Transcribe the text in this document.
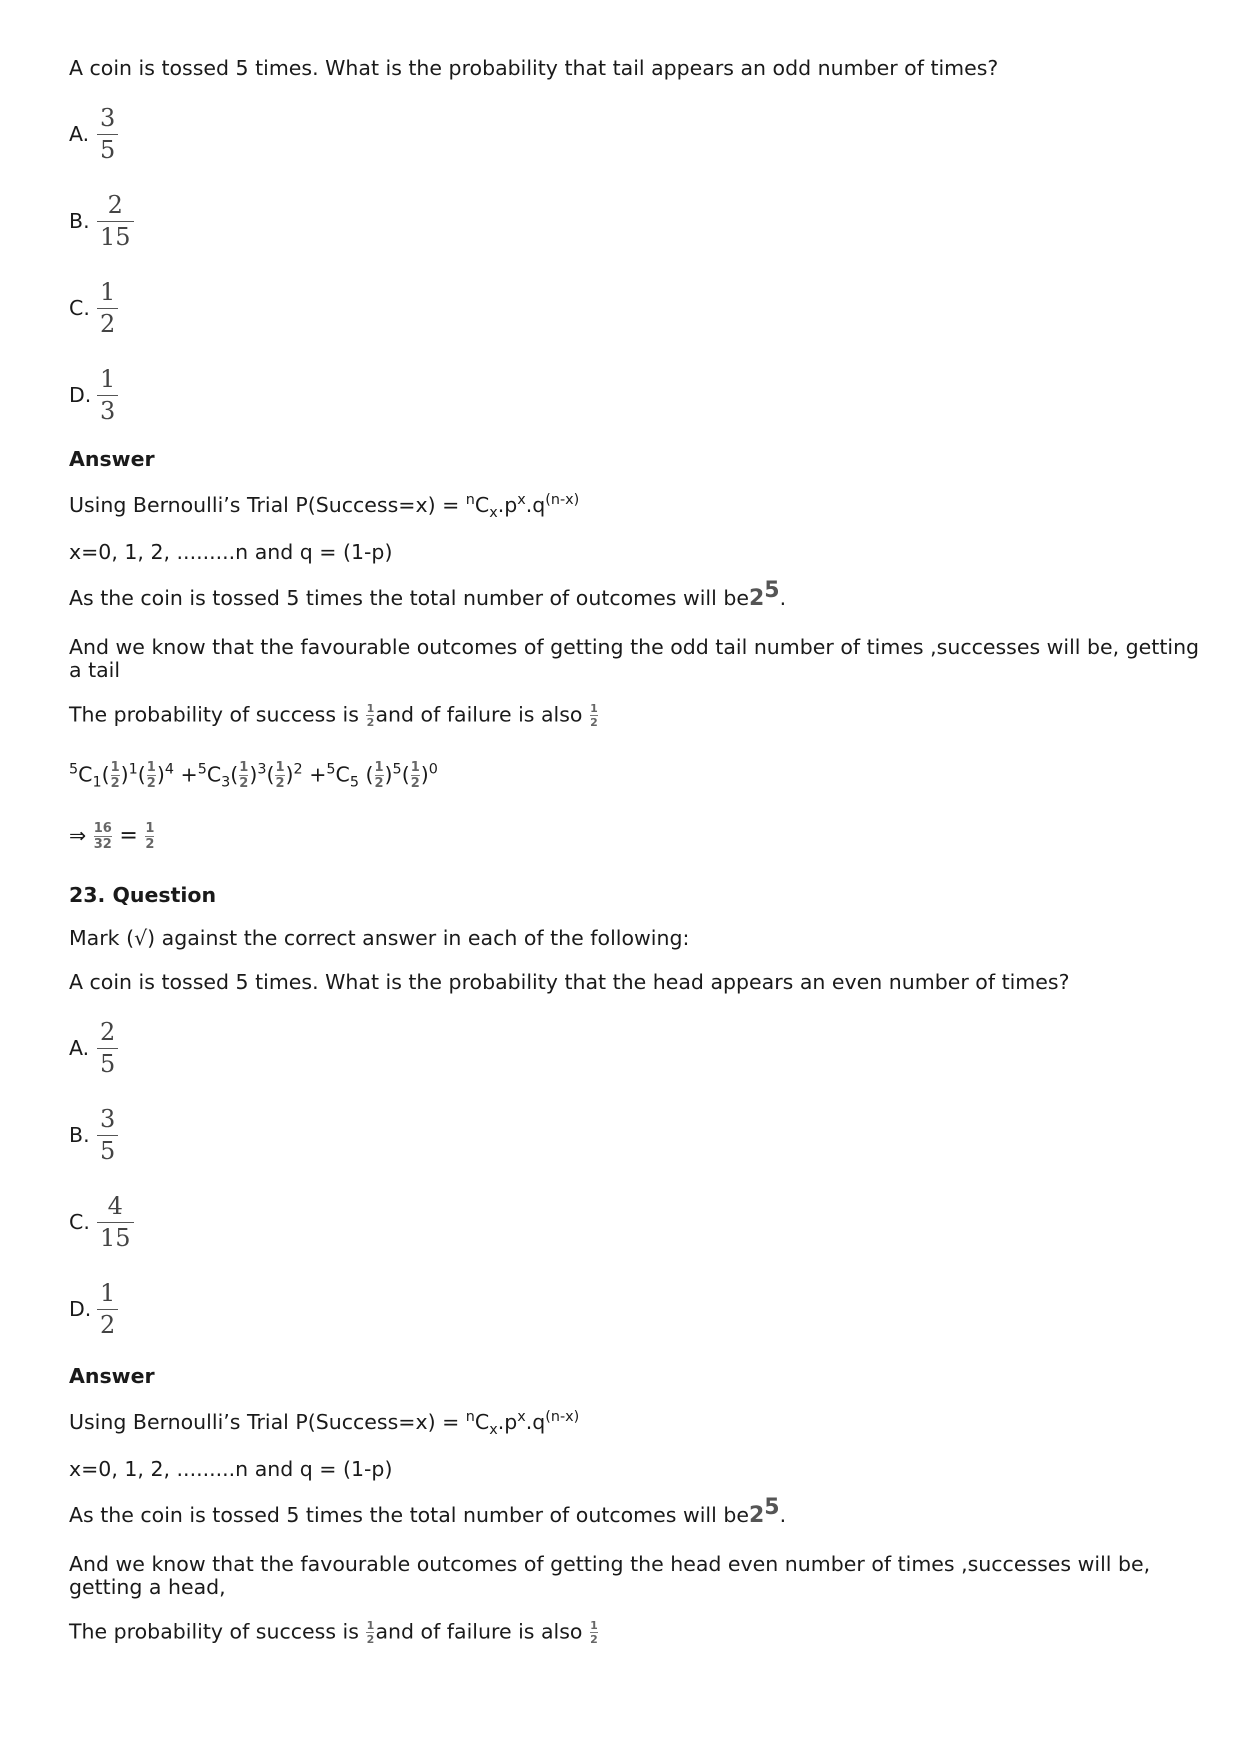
A coin is tossed 5 times. What is the probability that tail appears an odd number of times?
A. $\frac{3}{5}$
B. $\frac{2}{15}$
C. $\frac{1}{2}$
D. $\frac{1}{3}$
Answer
Using Bernoulli’s Trial P(Success=x) = $^nC_x.p^x.q^{(n-x)}$
x=0, 1, 2, .........n and q = (1-p)
As the coin is tossed 5 times the total number of outcomes will $be2^5$.
And we know that the favourable outcomes of getting the odd tail number of times ,successes will be, getting
a tail
The probability of success is $\frac{1}{2}$ and of failure is also $\frac{1}{2}$
$^5C_1( \frac{1}{2} )^1( \frac{1}{2} )^4 +^5C_3( \frac{1}{2} )^3( \frac{1}{2} )^2 +^5C_5$ ( $\frac{1}{2} )^5( \frac{1}{2} )^0$
⇒ $\frac{16}{32} = \frac{1}{2}$
23. Question
Mark (√) against the correct answer in each of the following:
A coin is tossed 5 times. What is the probability that the head appears an even number of times?
A. $\frac{2}{5}$
B. $\frac{3}{5}$
C. $\frac{4}{15}$
D. $\frac{1}{2}$
Answer
Using Bernoulli’s Trial P(Success=x) = $^nC_x.p^x.q^{(n-x)}$
x=0, 1, 2, .........n and q = (1-p)
As the coin is tossed 5 times the total number of outcomes will $be2^5$.
And we know that the favourable outcomes of getting the head even number of times ,successes will be,
getting a head,
The probability of success is $\frac{1}{2}$ and of failure is also $\frac{1}{2}$
